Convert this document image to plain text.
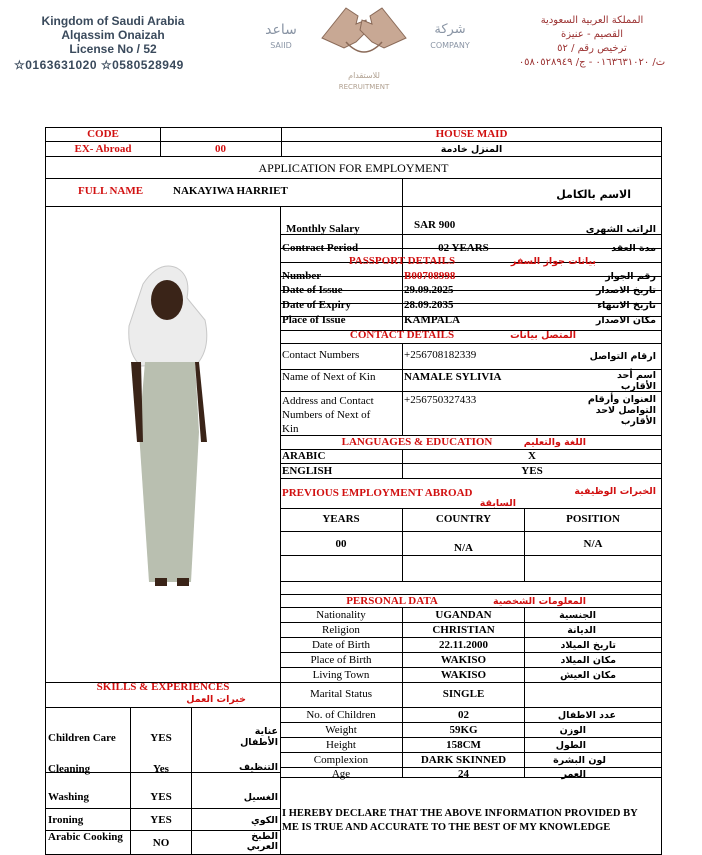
Kingdom of Saudi Arabia
Alqassim Onaizah
License No / 52
☆0163631020 ☆0580528949
ساعد
SAIID
للاستقدام
RECRUITMENT
شركة
COMPANY
المملكة العربية السعودية
القصيم - عنيزة
ترخيص رقم / ٥٢
ت/ ٠١٦٣٦٣١٠٢٠ - ج/ ٠٥٨٠٥٢٨٩٤٩
CODE
EX- Abroad	00
HOUSE MAID
المنزل خادمة
APPLICATION FOR EMPLOYMENT
FULL NAME	NAKAYIWA HARRIET	الاسم بالكامل
Monthly Salary	SAR 900	الراتب الشهري
Contract Period	02 YEARS	مدة العقد
PASSPORT DETAILS	بيانات جواز السفر
Number	B00708998	رقم الجواز
Date of Issue	29.09.2025	تاريخ الاصدار
Date of Expiry	28.09.2035	تاريخ الانتهاء
Place of Issue	KAMPALA	مكان الاصدار
CONTACT DETAILS	المتصل بيانات
Contact Numbers	+256708182339	ارقام التواصل
Name of Next of Kin	NAMALE SYLIVIA	اسم أحد
الأقارب
Address and Contact
Numbers of Next of
Kin
+256750327433	العنوان وأرقام
التواصل لاحد
الأقارب
LANGUAGES & EDUCATION	اللغة والتعليم
ARABIC	X
ENGLISH	YES
PREVIOUS EMPLOYMENT ABROAD	الخبرات الوظيفية
السابقة
YEARS	COUNTRY	POSITION
00	N/A	N/A
PERSONAL DATA	المعلومات الشخصية
Nationality	UGANDAN	الجنسية
Religion	CHRISTIAN	الديانة
Date of Birth	22.11.2000	تاريخ الميلاد
Place of Birth	WAKISO	مكان الميلاد
Living Town	WAKISO	مكان العيش
Marital Status	SINGLE
No. of Children	02	عدد الاطفال
Weight	59KG	الوزن
Height	158CM	الطول
Complexion	DARK SKINNED	لون البشرة
Age	24	العمر
SKILLS & EXPERIENCES
خبرات العمل
Children Care	YES
عناية
الأطفال
Cleaning	Yes	التنظيف
Washing	YES	الغسيل
Ironing	YES	الكوي
Arabic Cooking	NO
الطبخ
العربي
I HEREBY DECLARE THAT THE ABOVE INFORMATION PROVIDED BY
ME IS TRUE AND ACCURATE TO THE BEST OF MY KNOWLEDGE
